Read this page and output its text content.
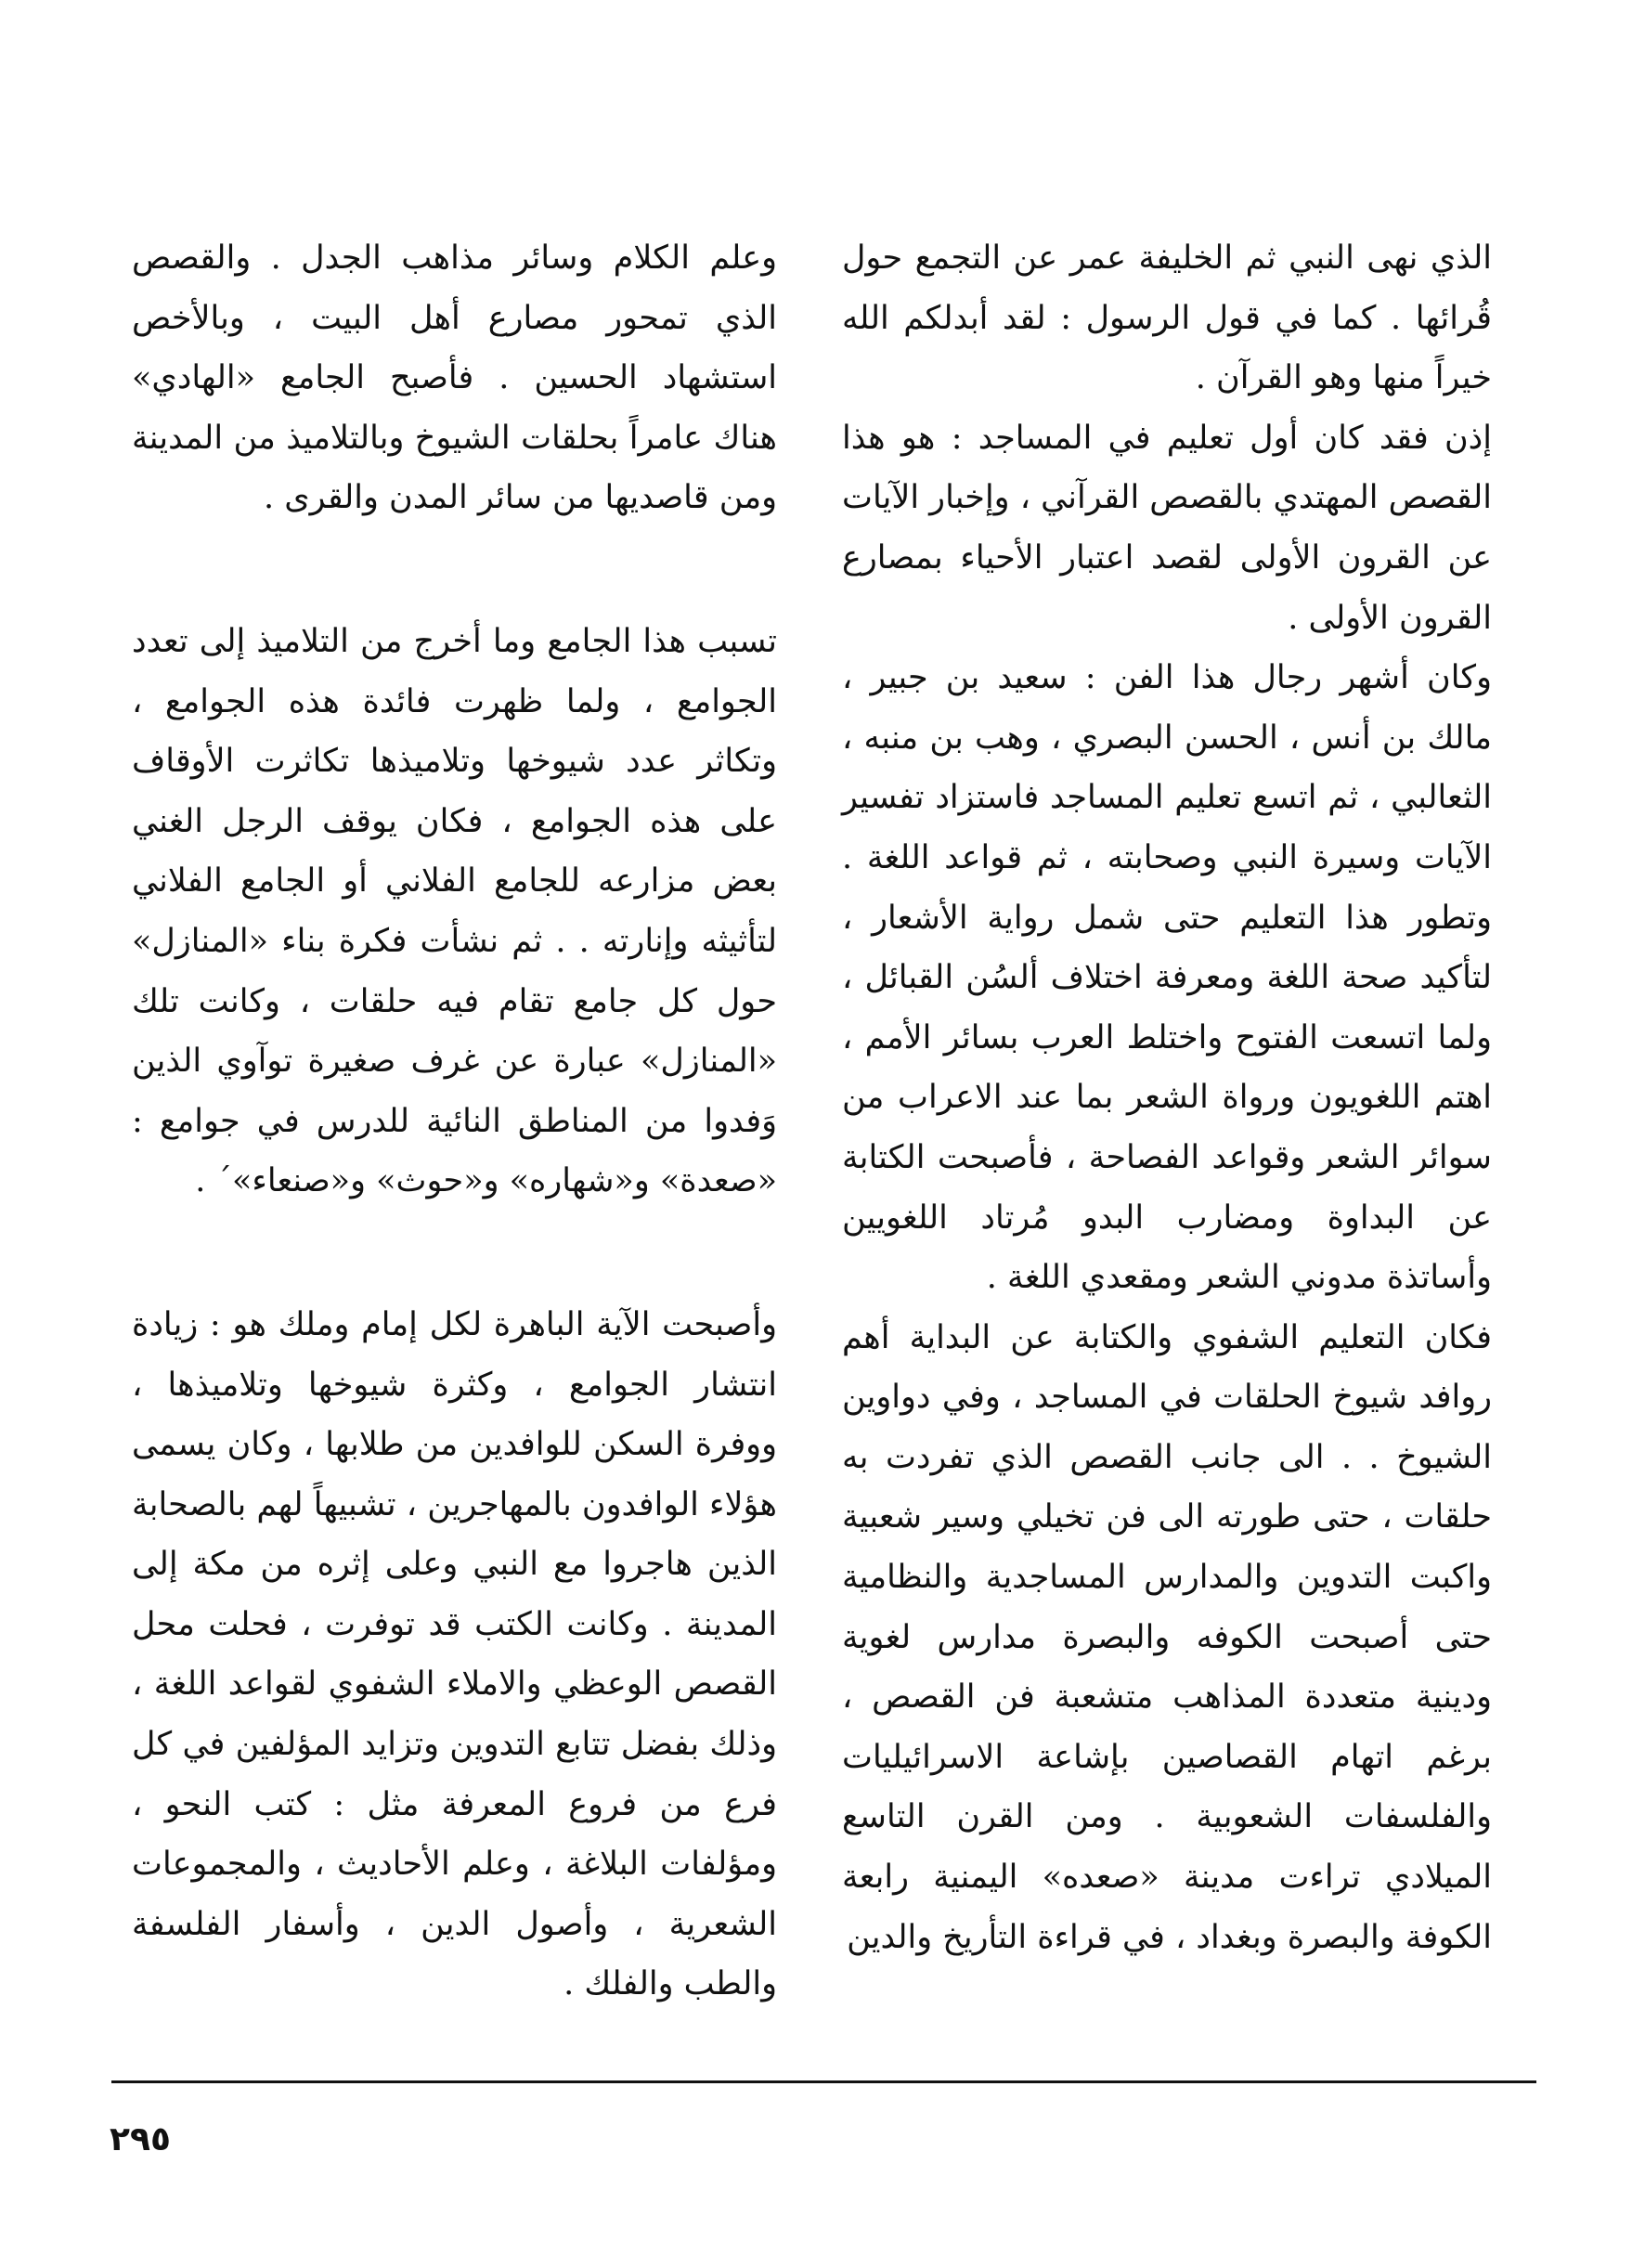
الذي نهى النبي ثم الخليفة عمر عن التجمع حول قُرائها . كما في قول الرسول : لقد أبدلكم الله خيراً منها وهو القرآن .

إذن فقد كان أول تعليم في المساجد : هو هذا القصص المهتدي بالقصص القرآني ، وإخبار الآيات عن القرون الأولى لقصد اعتبار الأحياء بمصارع القرون الأولى .

وكان أشهر رجال هذا الفن : سعيد بن جبير ، مالك بن أنس ، الحسن البصري ، وهب بن منبه ، الثعالبي ، ثم اتسع تعليم المساجد فاستزاد تفسير الآيات وسيرة النبي وصحابته ، ثم قواعد اللغة . وتطور هذا التعليم حتى شمل رواية الأشعار ، لتأكيد صحة اللغة ومعرفة اختلاف ألسُن القبائل ، ولما اتسعت الفتوح واختلط العرب بسائر الأمم ، اهتم اللغويون ورواة الشعر بما عند الاعراب من سوائر الشعر وقواعد الفصاحة ، فأصبحت الكتابة عن البداوة ومضارب البدو مُرتاد اللغويين وأساتذة مدوني الشعر ومقعدي اللغة .

فكان التعليم الشفوي والكتابة عن البداية أهم روافد شيوخ الحلقات في المساجد ، وفي دواوين الشيوخ . . الى جانب القصص الذي تفردت به حلقات ، حتى طورته الى فن تخيلي وسير شعبية واكبت التدوين والمدارس المساجدية والنظامية حتى أصبحت الكوفه والبصرة مدارس لغوية ودينية متعددة المذاهب متشعبة فن القصص ، برغم اتهام القصاصين بإشاعة الاسرائيليات والفلسفات الشعوبية . ومن القرن التاسع الميلادي تراءت مدينة «صعده» اليمنية رابعة الكوفة والبصرة وبغداد ، في قراءة التأريخ والدين

وعلم الكلام وسائر مذاهب الجدل . والقصص الذي تمحور مصارع أهل البيت ، وبالأخص استشهاد الحسين . فأصبح الجامع «الهادي» هناك عامراً بحلقات الشيوخ وبالتلاميذ من المدينة ومن قاصديها من سائر المدن والقرى .

تسبب هذا الجامع وما أخرج من التلاميذ إلى تعدد الجوامع ، ولما ظهرت فائدة هذه الجوامع ، وتكاثر عدد شيوخها وتلاميذها تكاثرت الأوقاف على هذه الجوامع ، فكان يوقف الرجل الغني بعض مزارعه للجامع الفلاني أو الجامع الفلاني لتأثيثه وإنارته . . ثم نشأت فكرة بناء «المنازل» حول كل جامع تقام فيه حلقات ، وكانت تلك «المنازل» عبارة عن غرف صغيرة توآوي الذين وَفدوا من المناطق النائية للدرس في جوامع : «صعدة» و«شهاره» و«حوث» و«صنعاء»´ .

وأصبحت الآية الباهرة لكل إمام وملك هو : زيادة انتشار الجوامع ، وكثرة شيوخها وتلاميذها ، ووفرة السكن للوافدين من طلابها ، وكان يسمى هؤلاء الوافدون بالمهاجرين ، تشبيهاً لهم بالصحابة الذين هاجروا مع النبي وعلى إثره من مكة إلى المدينة . وكانت الكتب قد توفرت ، فحلت محل القصص الوعظي والاملاء الشفوي لقواعد اللغة ، وذلك بفضل تتابع التدوين وتزايد المؤلفين في كل فرع من فروع المعرفة مثل : كتب النحو ، ومؤلفات البلاغة ، وعلم الأحاديث ، والمجموعات الشعرية ، وأصول الدين ، وأسفار الفلسفة والطب والفلك .

٢٩٥
